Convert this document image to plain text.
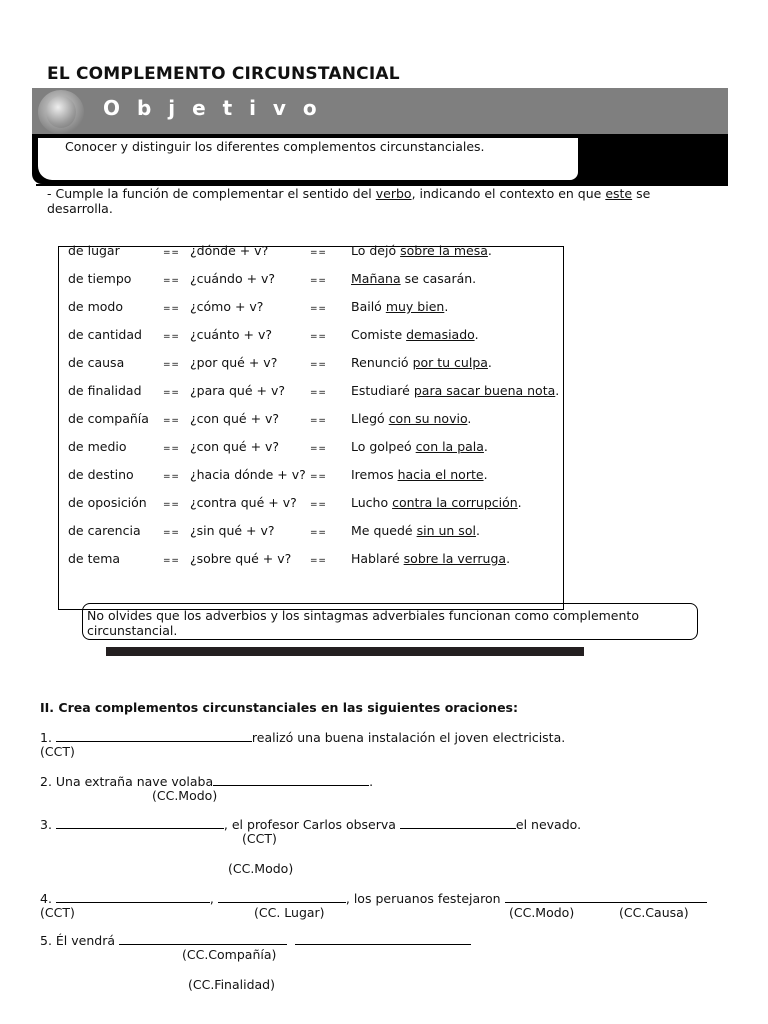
EL COMPLEMENTO CIRCUNSTANCIAL
O b j e t i v o
Conocer y distinguir los diferentes complementos circunstanciales.
- Cumple la función de complementar el sentido del verbo, indicando el contexto en que este se desarrolla.
de lugar	= = ¿dónde + v?	= = Lo dejó sobre la mesa.
de tiempo	= = ¿cuándo + v?	= = Mañana se casarán.
de modo	= = ¿cómo + v?	= = Bailó muy bien.
de cantidad = = ¿cuánto + v?	= = Comiste demasiado.
de causa	= = ¿por qué + v?	= = Renunció por tu culpa.
de finalidad = = ¿para qué + v?	= = Estudiaré para sacar buena nota.
de compañía = = ¿con qué + v?	= = Llegó con su novio.
de medio	= = ¿con qué + v?	= = Lo golpeó con la pala.
de destino	= = ¿hacia dónde + v? = = Iremos hacia el norte.
de oposición = = ¿contra qué + v? = = Lucho contra la corrupción.
de carencia = = ¿sin qué + v?	= = Me quedé sin un sol.
de tema	= = ¿sobre qué + v? = = Hablaré sobre la verruga.
No olvides que los adverbios y los sintagmas adverbiales funcionan como complemento circunstancial.
II. Crea complementos circunstanciales en las siguientes oraciones:
1.	realizó una buena instalación el joven electricista.
(CCT)
2. Una extraña nave volaba	.
(CC.Modo)
3.	, el profesor Carlos observa	el nevado.
(CCT)
(CC.Modo)
4.	,	, los peruanos festejaron
(CCT)	(CC. Lugar)	(CC.Modo)	(CC.Causa)
5. Él vendrá
(CC.Compañía)
(CC.Finalidad)
